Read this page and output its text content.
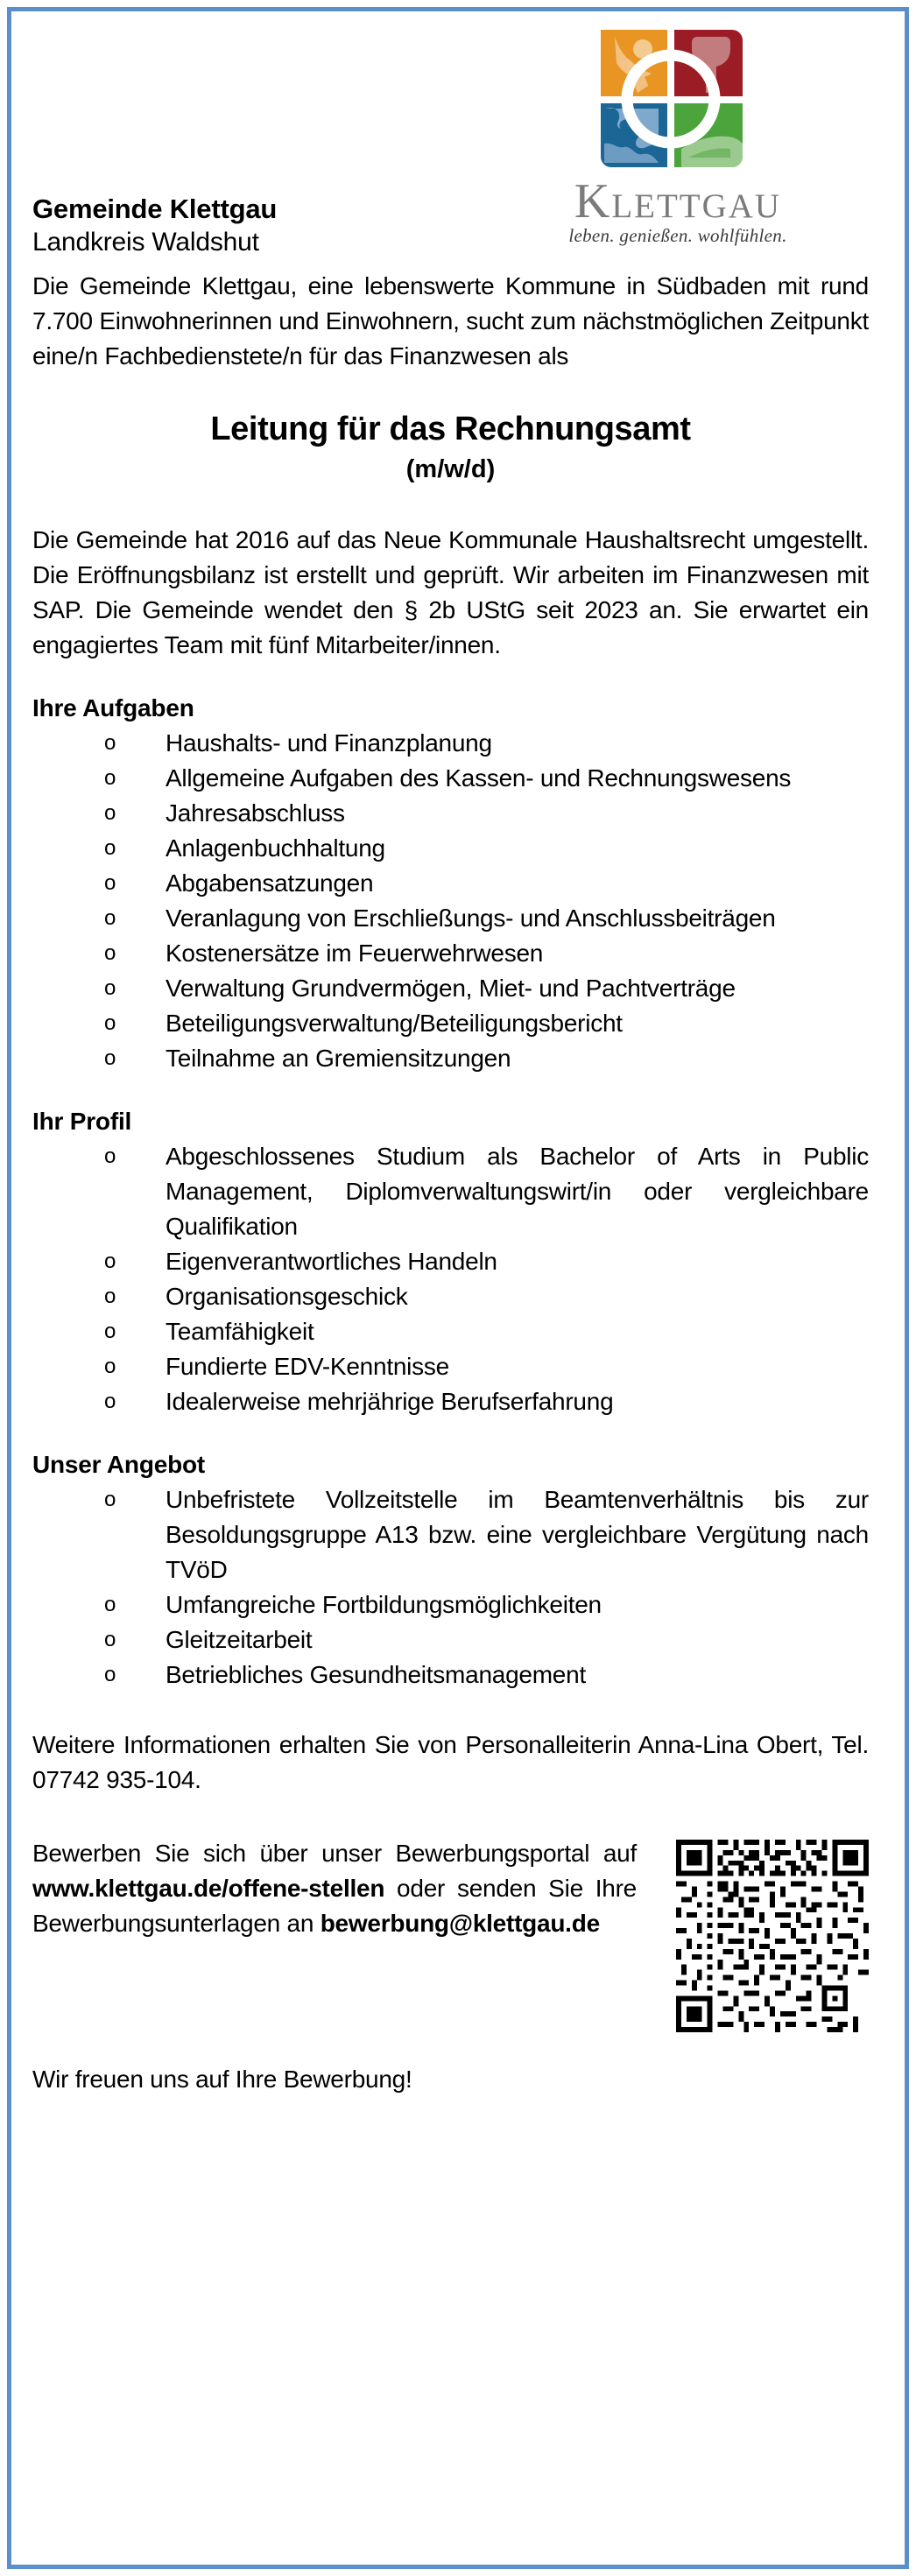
Gemeinde Klettgau
Landkreis Waldshut
Klettgau
leben. genießen. wohlfühlen.

Die Gemeinde Klettgau, eine lebenswerte Kommune in Südbaden mit rund 7.700 Einwohnerinnen und Einwohnern, sucht zum nächstmöglichen Zeitpunkt eine/n Fachbedienstete/n für das Finanzwesen als

Leitung für das Rechnungsamt
(m/w/d)

Die Gemeinde hat 2016 auf das Neue Kommunale Haushaltsrecht umgestellt. Die Eröffnungsbilanz ist erstellt und geprüft. Wir arbeiten im Finanzwesen mit SAP. Die Gemeinde wendet den § 2b UStG seit 2023 an. Sie erwartet ein engagiertes Team mit fünf Mitarbeiter/innen.

Ihre Aufgaben
o Haushalts- und Finanzplanung
o Allgemeine Aufgaben des Kassen- und Rechnungswesens
o Jahresabschluss
o Anlagenbuchhaltung
o Abgabensatzungen
o Veranlagung von Erschließungs- und Anschlussbeiträgen
o Kostenersätze im Feuerwehrwesen
o Verwaltung Grundvermögen, Miet- und Pachtverträge
o Beteiligungsverwaltung/Beteiligungsbericht
o Teilnahme an Gremiensitzungen
Ihr Profil
o Abgeschlossenes Studium als Bachelor of Arts in Public Management, Diplomverwaltungswirt/in oder vergleichbare Qualifikation
o Eigenverantwortliches Handeln
o Organisationsgeschick
o Teamfähigkeit
o Fundierte EDV-Kenntnisse
o Idealerweise mehrjährige Berufserfahrung
Unser Angebot
o Unbefristete Vollzeitstelle im Beamtenverhältnis bis zur Besoldungsgruppe A13 bzw. eine vergleichbare Vergütung nach TVöD
o Umfangreiche Fortbildungsmöglichkeiten
o Gleitzeitarbeit
o Betriebliches Gesundheitsmanagement

Weitere Informationen erhalten Sie von Personalleiterin Anna-Lina Obert, Tel. 07742 935-104.

Bewerben Sie sich über unser Bewerbungsportal auf www.klettgau.de/offene-stellen oder senden Sie Ihre Bewerbungsunterlagen an bewerbung@klettgau.de
Wir freuen uns auf Ihre Bewerbung!
